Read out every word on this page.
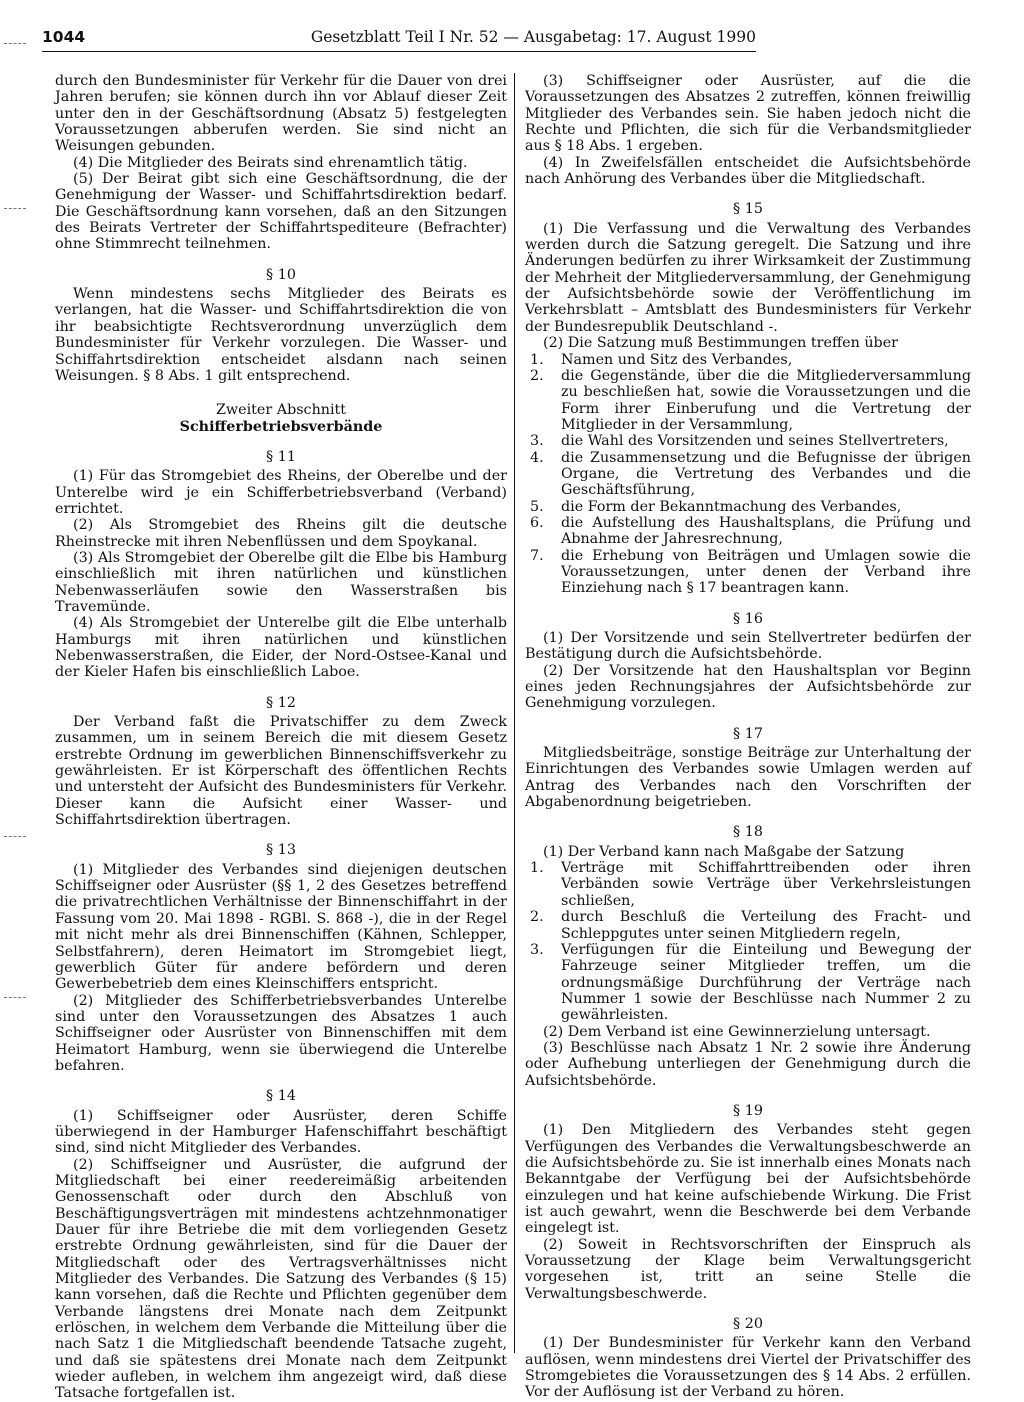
1044	Gesetzblatt Teil I Nr. 52 — Ausgabetag: 17. August 1990

durch den Bundesminister für Verkehr für die Dauer von drei Jahren berufen; sie können durch ihn vor Ablauf dieser Zeit unter den in der Geschäftsordnung (Absatz 5) festgelegten Voraussetzungen abberufen werden. Sie sind nicht an Weisungen gebunden.

(4) Die Mitglieder des Beirats sind ehrenamtlich tätig.

(5) Der Beirat gibt sich eine Geschäftsordnung, die der Genehmigung der Wasser- und Schiffahrtsdirektion bedarf. Die Geschäftsordnung kann vorsehen, daß an den Sitzungen des Beirats Vertreter der Schiffahrtspediteure (Befrachter) ohne Stimmrecht teilnehmen.

§ 10

Wenn mindestens sechs Mitglieder des Beirats es verlangen, hat die Wasser- und Schiffahrtsdirektion die von ihr beabsichtigte Rechtsverordnung unverzüglich dem Bundesminister für Verkehr vorzulegen. Die Wasser- und Schiffahrtsdirektion entscheidet alsdann nach seinen Weisungen. § 8 Abs. 1 gilt entsprechend.

Zweiter Abschnitt
Schifferbetriebsverbände
§ 11

(1) Für das Stromgebiet des Rheins, der Oberelbe und der Unterelbe wird je ein Schifferbetriebsverband (Verband) errichtet.

(2) Als Stromgebiet des Rheins gilt die deutsche Rheinstrecke mit ihren Nebenflüssen und dem Spoykanal.

(3) Als Stromgebiet der Oberelbe gilt die Elbe bis Hamburg einschließlich mit ihren natürlichen und künstlichen Nebenwasserläufen sowie den Wasserstraßen bis Travemünde.

(4) Als Stromgebiet der Unterelbe gilt die Elbe unterhalb Hamburgs mit ihren natürlichen und künstlichen Nebenwasserstraßen, die Eider, der Nord-Ostsee-Kanal und der Kieler Hafen bis einschließlich Laboe.

§ 12

Der Verband faßt die Privatschiffer zu dem Zweck zusammen, um in seinem Bereich die mit diesem Gesetz erstrebte Ordnung im gewerblichen Binnenschiffsverkehr zu gewährleisten. Er ist Körperschaft des öffentlichen Rechts und untersteht der Aufsicht des Bundesministers für Verkehr. Dieser kann die Aufsicht einer Wasser- und Schiffahrtsdirektion übertragen.

§ 13

(1) Mitglieder des Verbandes sind diejenigen deutschen Schiffseigner oder Ausrüster (§§ 1, 2 des Gesetzes betreffend die privatrechtlichen Verhältnisse der Binnenschiffahrt in der Fassung vom 20. Mai 1898 - RGBl. S. 868 -), die in der Regel mit nicht mehr als drei Binnenschiffen (Kähnen, Schlepper, Selbstfahrern), deren Heimatort im Stromgebiet liegt, gewerblich Güter für andere befördern und deren Gewerbebetrieb dem eines Kleinschiffers entspricht.

(2) Mitglieder des Schifferbetriebsverbandes Unterelbe sind unter den Voraussetzungen des Absatzes 1 auch Schiffseigner oder Ausrüster von Binnenschiffen mit dem Heimatort Hamburg, wenn sie überwiegend die Unterelbe befahren.

§ 14

(1) Schiffseigner oder Ausrüster, deren Schiffe überwiegend in der Hamburger Hafenschiffahrt beschäftigt sind, sind nicht Mitglieder des Verbandes.

(2) Schiffseigner und Ausrüster, die aufgrund der Mitgliedschaft bei einer reedereimäßig arbeitenden Genossenschaft oder durch den Abschluß von Beschäftigungsverträgen mit mindestens achtzehnmonatiger Dauer für ihre Betriebe die mit dem vorliegenden Gesetz erstrebte Ordnung gewährleisten, sind für die Dauer der Mitgliedschaft oder des Vertragsverhältnisses nicht Mitglieder des Verbandes. Die Satzung des Verbandes (§ 15) kann vorsehen, daß die Rechte und Pflichten gegenüber dem Verbande längstens drei Monate nach dem Zeitpunkt erlöschen, in welchem dem Verbande die Mitteilung über die nach Satz 1 die Mitgliedschaft beendende Tatsache zugeht, und daß sie spätestens drei Monate nach dem Zeitpunkt wieder aufleben, in welchem ihm angezeigt wird, daß diese Tatsache fortgefallen ist.

(3) Schiffseigner oder Ausrüster, auf die die Voraussetzungen des Absatzes 2 zutreffen, können freiwillig Mitglieder des Verbandes sein. Sie haben jedoch nicht die Rechte und Pflichten, die sich für die Verbandsmitglieder aus § 18 Abs. 1 ergeben.

(4) In Zweifelsfällen entscheidet die Aufsichtsbehörde nach Anhörung des Verbandes über die Mitgliedschaft.

§ 15

(1) Die Verfassung und die Verwaltung des Verbandes werden durch die Satzung geregelt. Die Satzung und ihre Änderungen bedürfen zu ihrer Wirksamkeit der Zustimmung der Mehrheit der Mitgliederversammlung, der Genehmigung der Aufsichtsbehörde sowie der Veröffentlichung im Verkehrsblatt – Amtsblatt des Bundesministers für Verkehr der Bundesrepublik Deutschland -.

(2) Die Satzung muß Bestimmungen treffen über

1.	Namen und Sitz des Verbandes,
2.	die Gegenstände, über die die Mitgliederversammlung zu beschließen hat, sowie die Voraussetzungen und die Form ihrer Einberufung und die Vertretung der Mitglieder in der Versammlung,
3.	die Wahl des Vorsitzenden und seines Stellvertreters,
4.	die Zusammensetzung und die Befugnisse der übrigen Organe, die Vertretung des Verbandes und die Geschäftsführung,
5.	die Form der Bekanntmachung des Verbandes,
6.	die Aufstellung des Haushaltsplans, die Prüfung und Abnahme der Jahresrechnung,
7.	die Erhebung von Beiträgen und Umlagen sowie die Voraussetzungen, unter denen der Verband ihre Einziehung nach § 17 beantragen kann.
§ 16

(1) Der Vorsitzende und sein Stellvertreter bedürfen der Bestätigung durch die Aufsichtsbehörde.

(2) Der Vorsitzende hat den Haushaltsplan vor Beginn eines jeden Rechnungsjahres der Aufsichtsbehörde zur Genehmigung vorzulegen.

§ 17

Mitgliedsbeiträge, sonstige Beiträge zur Unterhaltung der Einrichtungen des Verbandes sowie Umlagen werden auf Antrag des Verbandes nach den Vorschriften der Abgabenordnung beigetrieben.

§ 18

(1) Der Verband kann nach Maßgabe der Satzung

1.	Verträge mit Schiffahrttreibenden oder ihren Verbänden sowie Verträge über Verkehrsleistungen schließen,
2.	durch Beschluß die Verteilung des Fracht- und Schleppgutes unter seinen Mitgliedern regeln,
3.	Verfügungen für die Einteilung und Bewegung der Fahrzeuge seiner Mitglieder treffen, um die ordnungsmäßige Durchführung der Verträge nach Nummer 1 sowie der Beschlüsse nach Nummer 2 zu gewährleisten.

(2) Dem Verband ist eine Gewinnerzielung untersagt.

(3) Beschlüsse nach Absatz 1 Nr. 2 sowie ihre Änderung oder Aufhebung unterliegen der Genehmigung durch die Aufsichtsbehörde.

§ 19

(1) Den Mitgliedern des Verbandes steht gegen Verfügungen des Verbandes die Verwaltungsbeschwerde an die Aufsichtsbehörde zu. Sie ist innerhalb eines Monats nach Bekanntgabe der Verfügung bei der Aufsichtsbehörde einzulegen und hat keine aufschiebende Wirkung. Die Frist ist auch gewahrt, wenn die Beschwerde bei dem Verbande eingelegt ist.

(2) Soweit in Rechtsvorschriften der Einspruch als Voraussetzung der Klage beim Verwaltungsgericht vorgesehen ist, tritt an seine Stelle die Verwaltungsbeschwerde.

§ 20

(1) Der Bundesminister für Verkehr kann den Verband auflösen, wenn mindestens drei Viertel der Privatschiffer des Stromgebietes die Voraussetzungen des § 14 Abs. 2 erfüllen. Vor der Auflösung ist der Verband zu hören.
